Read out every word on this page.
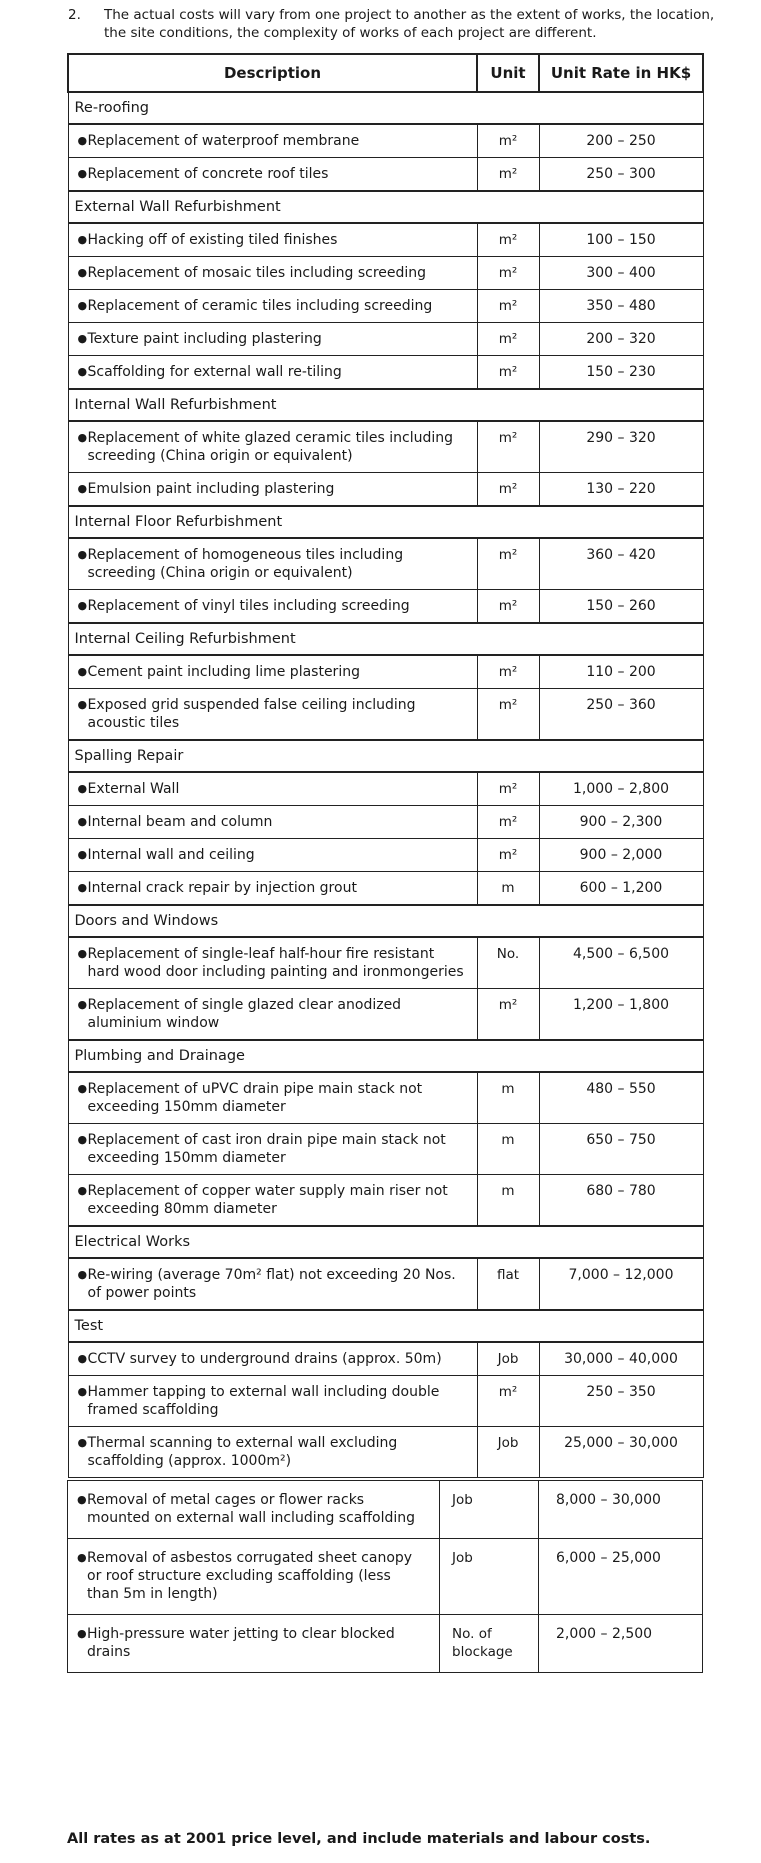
2. The actual costs will vary from one project to another as the extent of works, the location, the site conditions, the complexity of works of each project are different.
Description	Unit	Unit Rate in HK$
Re-roofing		
●Replacement of waterproof membrane	m²	200 – 250
●Replacement of concrete roof tiles	m²	250 – 300
External Wall Refurbishment		
●Hacking off of existing tiled finishes	m²	100 – 150
●Replacement of mosaic tiles including screeding	m²	300 – 400
●Replacement of ceramic tiles including screeding	m²	350 – 480
●Texture paint including plastering	m²	200 – 320
●Scaffolding for external wall re-tiling	m²	150 – 230
Internal Wall Refurbishment		
●Replacement of white glazed ceramic tiles including screeding (China origin or equivalent)	m²	290 – 320
●Emulsion paint including plastering	m²	130 – 220
Internal Floor Refurbishment		
●Replacement of homogeneous tiles including screeding (China origin or equivalent)	m²	360 – 420
●Replacement of vinyl tiles including screeding	m²	150 – 260
Internal Ceiling Refurbishment		
●Cement paint including lime plastering	m²	110 – 200
●Exposed grid suspended false ceiling including acoustic tiles	m²	250 – 360
Spalling Repair		
●External Wall	m²	1,000 – 2,800
●Internal beam and column	m²	900 – 2,300
●Internal wall and ceiling	m²	900 – 2,000
●Internal crack repair by injection grout	m	600 – 1,200
Doors and Windows		
●Replacement of single-leaf half-hour fire resistant hard wood door including painting and ironmongeries	No.	4,500 – 6,500
●Replacement of single glazed clear anodized aluminium window	m²	1,200 – 1,800
Plumbing and Drainage		
●Replacement of uPVC drain pipe main stack not exceeding 150mm diameter	m	480 – 550
●Replacement of cast iron drain pipe main stack not exceeding 150mm diameter	m	650 – 750
●Replacement of copper water supply main riser not exceeding 80mm diameter	m	680 – 780
Electrical Works		
●Re-wiring (average 70m² flat) not exceeding 20 Nos. of power points	flat	7,000 – 12,000
Test		
●CCTV survey to underground drains (approx. 50m)	Job	30,000 – 40,000
●Hammer tapping to external wall including double framed scaffolding	m²	250 – 350
●Thermal scanning to external wall excluding scaffolding (approx. 1000m²)	Job	25,000 – 30,000
●Removal of metal cages or flower racks mounted on external wall including scaffolding	Job	8,000 – 30,000
●Removal of asbestos corrugated sheet canopy or roof structure excluding scaffolding (less than 5m in length)	Job	6,000 – 25,000
●High-pressure water jetting to clear blocked drains	No. of blockage	2,000 – 2,500
All rates as at 2001 price level, and include materials and labour costs.
